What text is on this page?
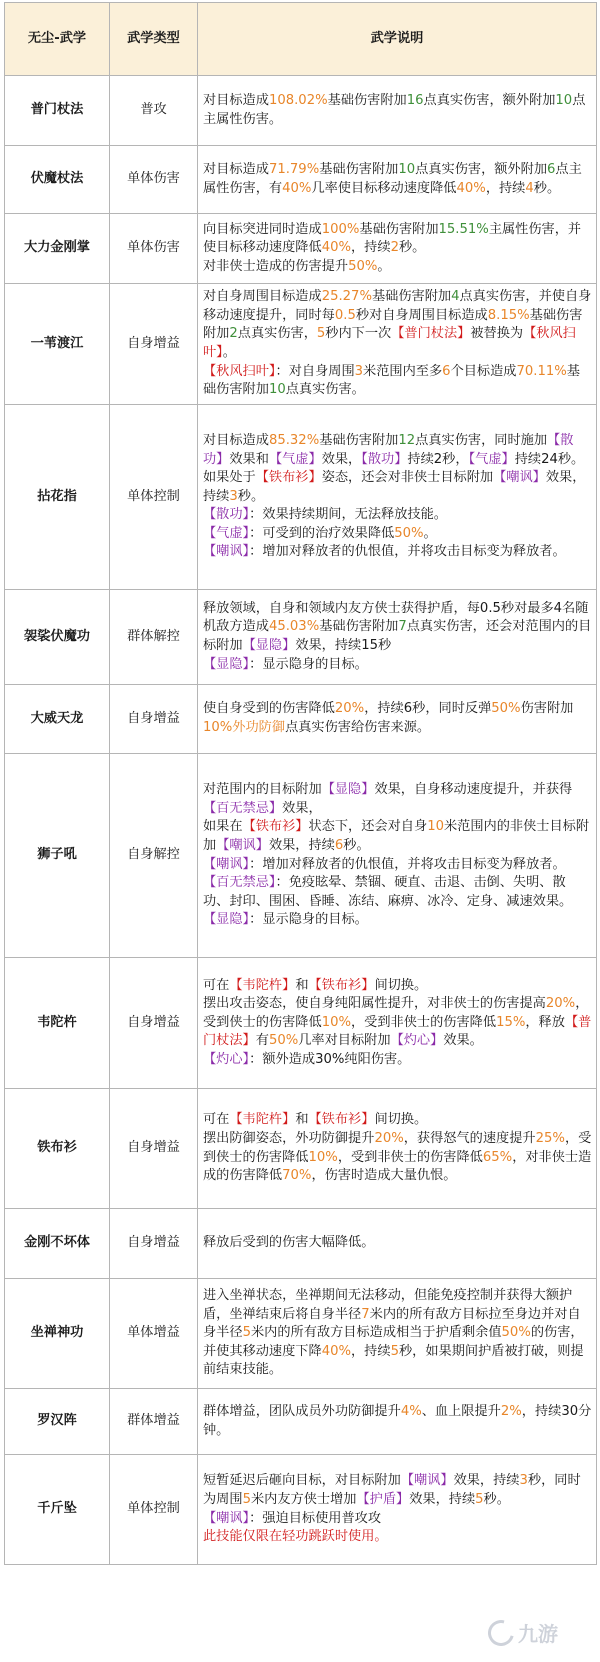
无尘-武学	武学类型	武学说明
普门杖法	普攻	对目标造成108.02%基础伤害附加16点真实伤害，额外附加10点主属性伤害。
伏魔杖法	单体伤害	对目标造成71.79%基础伤害附加10点真实伤害，额外附加6点主属性伤害，有40%几率使目标移动速度降低40%，持续4秒。
大力金刚掌	单体伤害	向目标突进同时造成100%基础伤害附加15.51%主属性伤害，并使目标移动速度降低40%，持续2秒。
对非侠士造成的伤害提升50%。
一苇渡江	自身增益	对自身周围目标造成25.27%基础伤害附加4点真实伤害，并使自身移动速度提升，同时每0.5秒对自身周围目标造成8.15%基础伤害附加2点真实伤害，5秒内下一次【普门杖法】被替换为【秋风扫叶】。
【秋风扫叶】：对自身周围3米范围内至多6个目标造成70.11%基础伤害附加10点真实伤害。
拈花指	单体控制	对目标造成85.32%基础伤害附加12点真实伤害，同时施加【散功】效果和【气虚】效果，【散功】持续2秒，【气虚】持续24秒。
如果处于【铁布衫】姿态，还会对非侠士目标附加【嘲讽】效果，持续3秒。
【散功】：效果持续期间，无法释放技能。
【气虚】：可受到的治疗效果降低50%。
【嘲讽】：增加对释放者的仇恨值，并将攻击目标变为释放者。
袈裟伏魔功	群体解控	释放领域，自身和领域内友方侠士获得护盾，每0.5秒对最多4名随机敌方造成45.03%基础伤害附加7点真实伤害，还会对范围内的目标附加【显隐】效果，持续15秒
【显隐】：显示隐身的目标。
大威天龙	自身增益	使自身受到的伤害降低20%，持续6秒，同时反弹50%伤害附加10%外功防御点真实伤害给伤害来源。
狮子吼	自身解控	对范围内的目标附加【显隐】效果，自身移动速度提升，并获得【百无禁忌】效果，
如果在【铁布衫】状态下，还会对自身10米范围内的非侠士目标附加【嘲讽】效果，持续6秒。
【嘲讽】：增加对释放者的仇恨值，并将攻击目标变为释放者。
【百无禁忌】：免疫眩晕、禁锢、硬直、击退、击倒、失明、散功、封印、围困、昏睡、冻结、麻痹、冰冷、定身、减速效果。
【显隐】：显示隐身的目标。
韦陀杵	自身增益	可在【韦陀杵】和【铁布衫】间切换。
摆出攻击姿态，使自身纯阳属性提升，对非侠士的伤害提高20%，受到侠士的伤害降低10%，受到非侠士的伤害降低15%，释放【普门杖法】有50%几率对目标附加【灼心】效果。
【灼心】：额外造成30%纯阳伤害。
铁布衫	自身增益	可在【韦陀杵】和【铁布衫】间切换。
摆出防御姿态，外功防御提升20%，获得怒气的速度提升25%，受到侠士的伤害降低10%，受到非侠士的伤害降低65%，对非侠士造成的伤害降低70%，伤害时造成大量仇恨。
金刚不坏体	自身增益	释放后受到的伤害大幅降低。
坐禅神功	单体增益	进入坐禅状态，坐禅期间无法移动，但能免疫控制并获得大额护盾，坐禅结束后将自身半径7米内的所有敌方目标拉至身边并对自身半径5米内的所有敌方目标造成相当于护盾剩余值50%的伤害，并使其移动速度下降40%，持续5秒，如果期间护盾被打破，则提前结束技能。
罗汉阵	群体增益	群体增益，团队成员外功防御提升4%、血上限提升2%，持续30分钟。
千斤坠	单体控制	短暂延迟后砸向目标，对目标附加【嘲讽】效果，持续3秒，同时为周围5米内友方侠士增加【护盾】效果，持续5秒。
【嘲讽】：强迫目标使用普攻攻
此技能仅限在轻功跳跃时使用。
九游
